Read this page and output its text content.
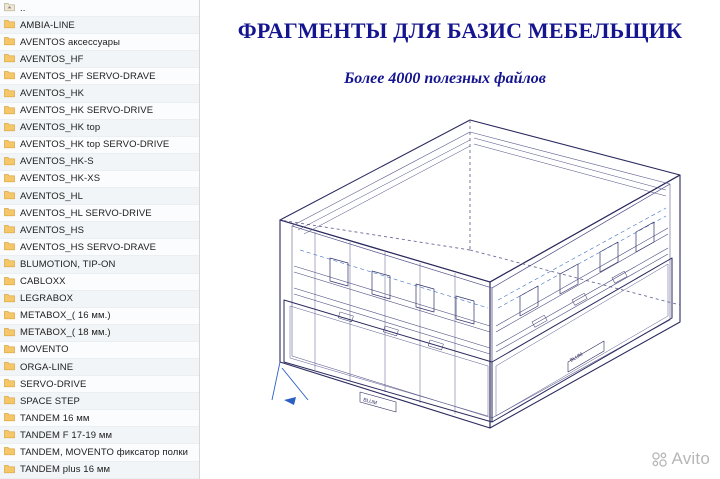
..
AMBIA-LINE
AVENTOS аксессуары
AVENTOS_HF
AVENTOS_HF SERVO-DRAVE
AVENTOS_HK
AVENTOS_HK SERVO-DRIVE
AVENTOS_HK top
AVENTOS_HK top SERVO-DRIVE
AVENTOS_HK-S
AVENTOS_HK-XS
AVENTOS_HL
AVENTOS_HL SERVO-DRIVE
AVENTOS_HS
AVENTOS_HS SERVO-DRAVE
BLUMOTION, TIP-ON
CABLOXX
LEGRABOX
METABOX_( 16 мм.)
METABOX_( 18 мм.)
MOVENTO
ORGA-LINE
SERVO-DRIVE
SPACE STEP
TANDEM 16 мм
TANDEM F 17-19 мм
TANDEM, MOVENTO фиксатор полки
TANDEM plus 16 мм
ФРАГМЕНТЫ ДЛЯ БАЗИС МЕБЕЛЬЩИК
Более 4000 полезных файлов
BLUM
BLUM
Avito
